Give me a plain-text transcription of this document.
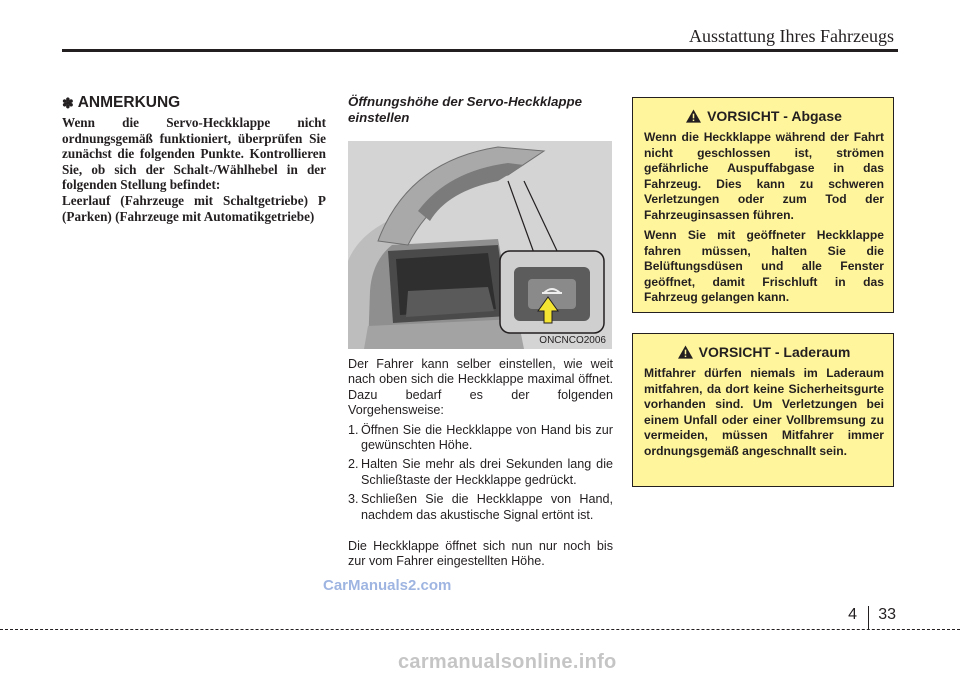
Ausstattung Ihres Fahrzeugs
✽ ANMERKUNG

Wenn die Servo-Heckklappe nicht ordnungsgemäß funktioniert, überprüfen Sie zunächst die folgenden Punkte. Kontrollieren Sie, ob sich der Schalt-/Wählhebel in der folgenden Stellung befindet:

Leerlauf (Fahrzeuge mit Schaltgetriebe) P (Parken) (Fahrzeuge mit Automatikgetriebe)

Öffnungshöhe der Servo-Heckklappe einstellen
ONCNCO2006

Der Fahrer kann selber einstellen, wie weit nach oben sich die Heckklappe maximal öffnet. Dazu bedarf es der folgenden Vorgehensweise:

1. Öffnen Sie die Heckklappe von Hand bis zur gewünschten Höhe.
2. Halten Sie mehr als drei Sekunden lang die Schließtaste der Heckklappe gedrückt.
3. Schließen Sie die Heckklappe von Hand, nachdem das akustische Signal ertönt ist.

Die Heckklappe öffnet sich nun nur noch bis zur vom Fahrer eingestellten Höhe.

VORSICHT - Abgase

Wenn die Heckklappe während der Fahrt nicht geschlossen ist, strömen gefährliche Auspuffabgase in das Fahrzeug. Dies kann zu schweren Verletzungen oder zum Tod der Fahrzeuginsassen führen.

Wenn Sie mit geöffneter Heckklappe fahren müssen, halten Sie die Belüftungsdüsen und alle Fenster geöffnet, damit Frischluft in das Fahrzeug gelangen kann.

VORSICHT - Laderaum

Mitfahrer dürfen niemals im Laderaum mitfahren, da dort keine Sicherheitsgurte vorhanden sind. Um Verletzungen bei einem Unfall oder einer Vollbremsung zu vermeiden, müssen Mitfahrer immer ordnungsgemäß angeschnallt sein.

CarManuals2.com
4 33
carmanualsonline.info
